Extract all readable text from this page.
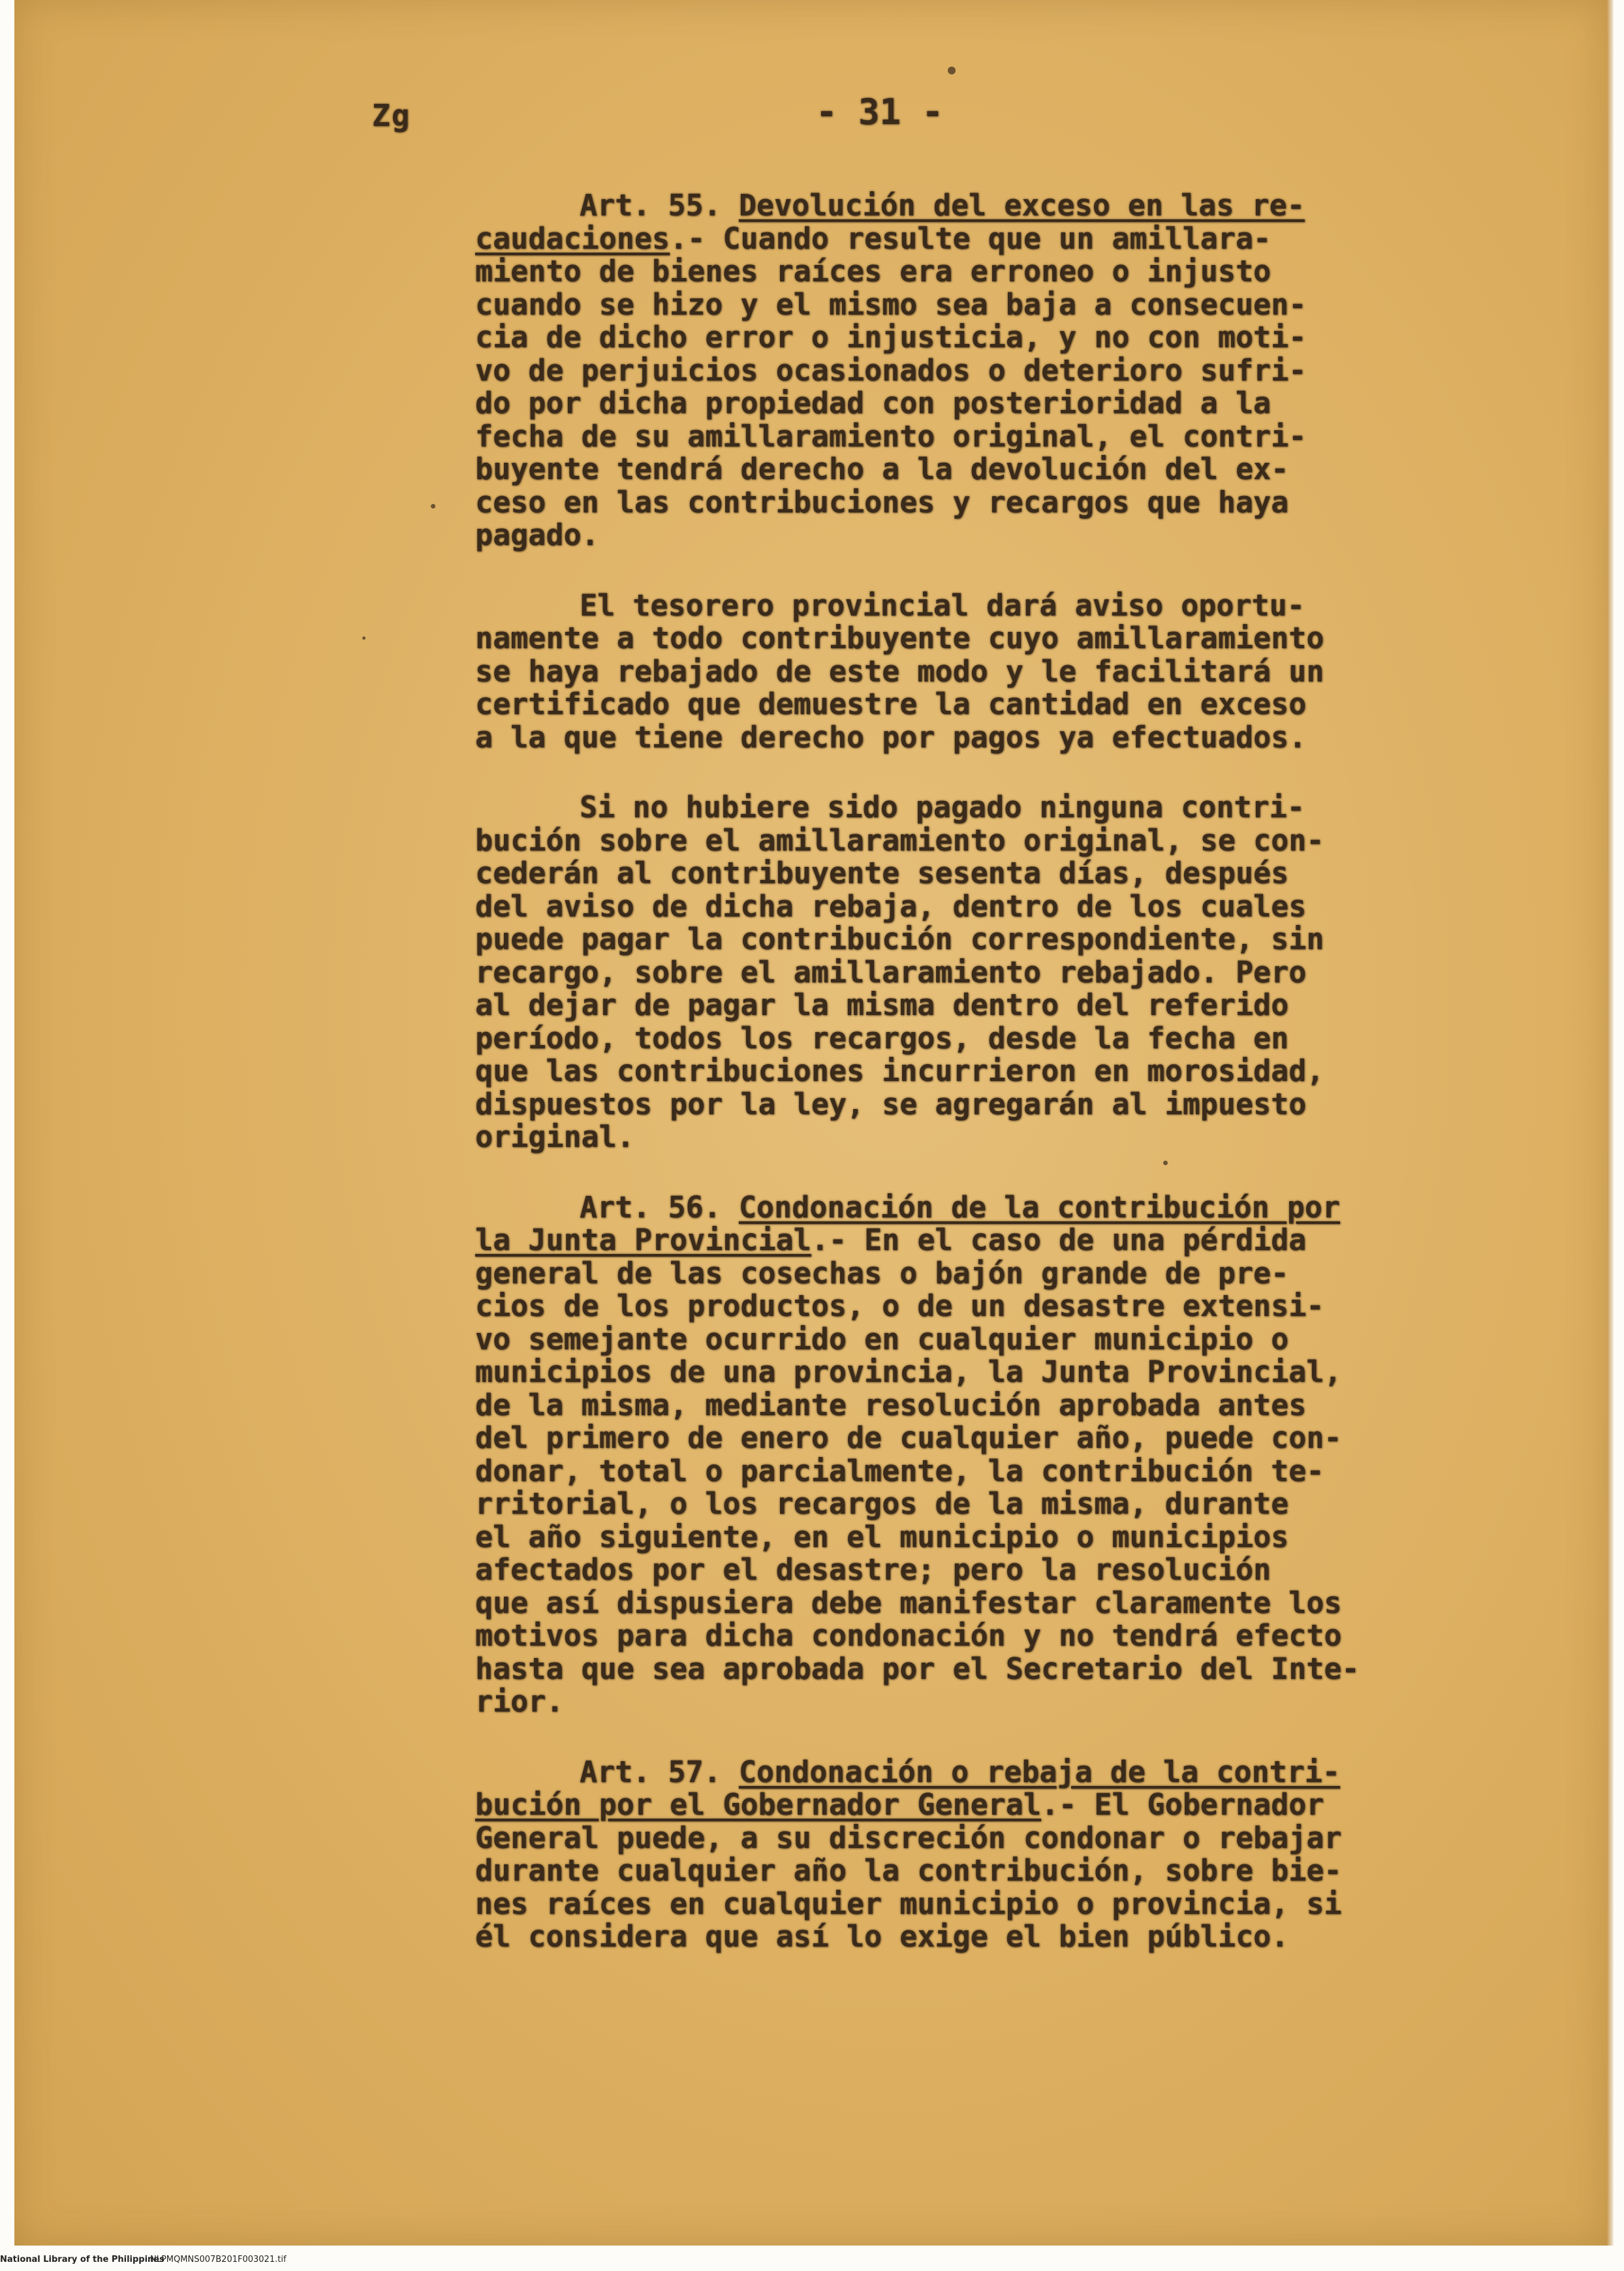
Zg	- 31 -
Art. 55. Devolución del exceso en las re-
caudaciones.- Cuando resulte que un amillara-
miento de bienes raíces era erroneo o injusto
cuando se hizo y el mismo sea baja a consecuen-
cia de dicho error o injusticia, y no con moti-
vo de perjuicios ocasionados o deterioro sufri-
do por dicha propiedad con posterioridad a la
fecha de su amillaramiento original, el contri-
buyente tendrá derecho a la devolución del ex-
ceso en las contribuciones y recargos que haya
pagado.
El tesorero provincial dará aviso oportu-
namente a todo contribuyente cuyo amillaramiento
se haya rebajado de este modo y le facilitará un
certificado que demuestre la cantidad en exceso
a la que tiene derecho por pagos ya efectuados.
Si no hubiere sido pagado ninguna contri-
bución sobre el amillaramiento original, se con-
cederán al contribuyente sesenta días, después
del aviso de dicha rebaja, dentro de los cuales
puede pagar la contribución correspondiente, sin
recargo, sobre el amillaramiento rebajado. Pero
al dejar de pagar la misma dentro del referido
período, todos los recargos, desde la fecha en
que las contribuciones incurrieron en morosidad,
dispuestos por la ley, se agregarán al impuesto
original.
Art. 56. Condonación de la contribución por
la Junta Provincial.- En el caso de una pérdida
general de las cosechas o bajón grande de pre-
cios de los productos, o de un desastre extensi-
vo semejante ocurrido en cualquier municipio o
municipios de una provincia, la Junta Provincial,
de la misma, mediante resolución aprobada antes
del primero de enero de cualquier año, puede con-
donar, total o parcialmente, la contribución te-
rritorial, o los recargos de la misma, durante
el año siguiente, en el municipio o municipios
afectados por el desastre; pero la resolución
que así dispusiera debe manifestar claramente los
motivos para dicha condonación y no tendrá efecto
hasta que sea aprobada por el Secretario del Inte-
rior.
Art. 57. Condonación o rebaja de la contri-
bución por el Gobernador General.- El Gobernador
General puede, a su discreción condonar o rebajar
durante cualquier año la contribución, sobre bie-
nes raíces en cualquier municipio o provincia, si
él considera que así lo exige el bien público.
National Library of the Philippines
NLPMQMNS007B201F003021.tif
